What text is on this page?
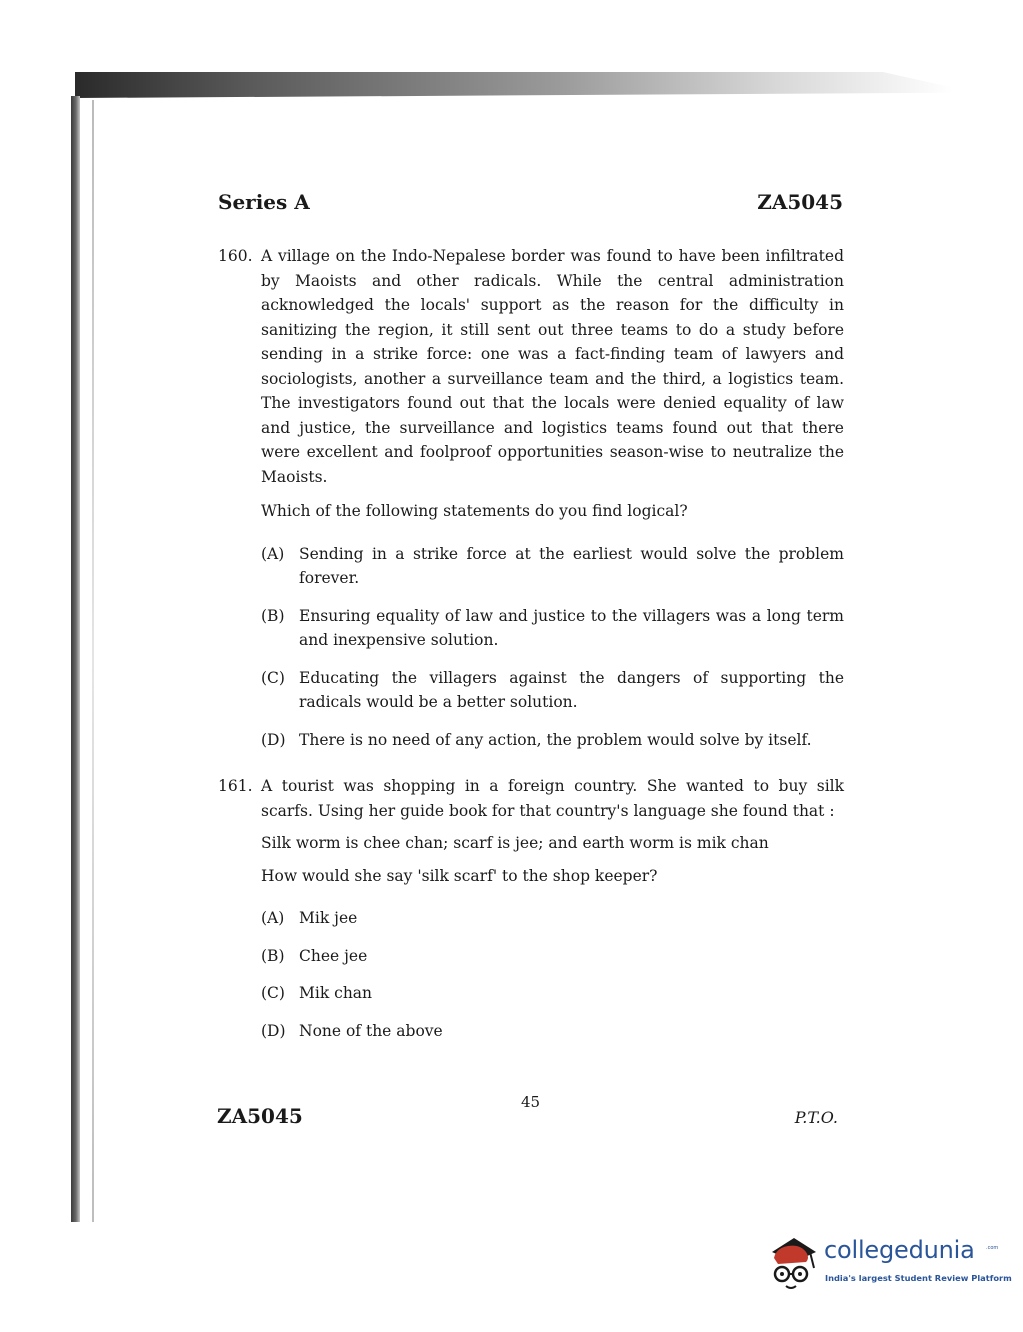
Series A	ZA5045
160. A village on the Indo-Nepalese border was found to have been infiltrated by Maoists and other radicals. While the central administration acknowledged the locals' support as the reason for the difficulty in sanitizing the region, it still sent out three teams to do a study before sending in a strike force: one was a fact-finding team of lawyers and sociologists, another a surveillance team and the third, a logistics team. The investigators found out that the locals were denied equality of law and justice, the surveillance and logistics teams found out that there were excellent and foolproof opportunities season-wise to neutralize the Maoists.
Which of the following statements do you find logical?
(A) Sending in a strike force at the earliest would solve the problem forever.
(B) Ensuring equality of law and justice to the villagers was a long term and inexpensive solution.
(C) Educating the villagers against the dangers of supporting the radicals would be a better solution.
(D) There is no need of any action, the problem would solve by itself.
161. A tourist was shopping in a foreign country. She wanted to buy silk scarfs. Using her guide book for that country's language she found that :
Silk worm is chee chan; scarf is jee; and earth worm is mik chan
How would she say 'silk scarf' to the shop keeper?
(A) Mik jee
(B) Chee jee
(C) Mik chan
(D) None of the above
45
ZA5045	P.T.O.
collegedunia .com
India's largest Student Review Platform
